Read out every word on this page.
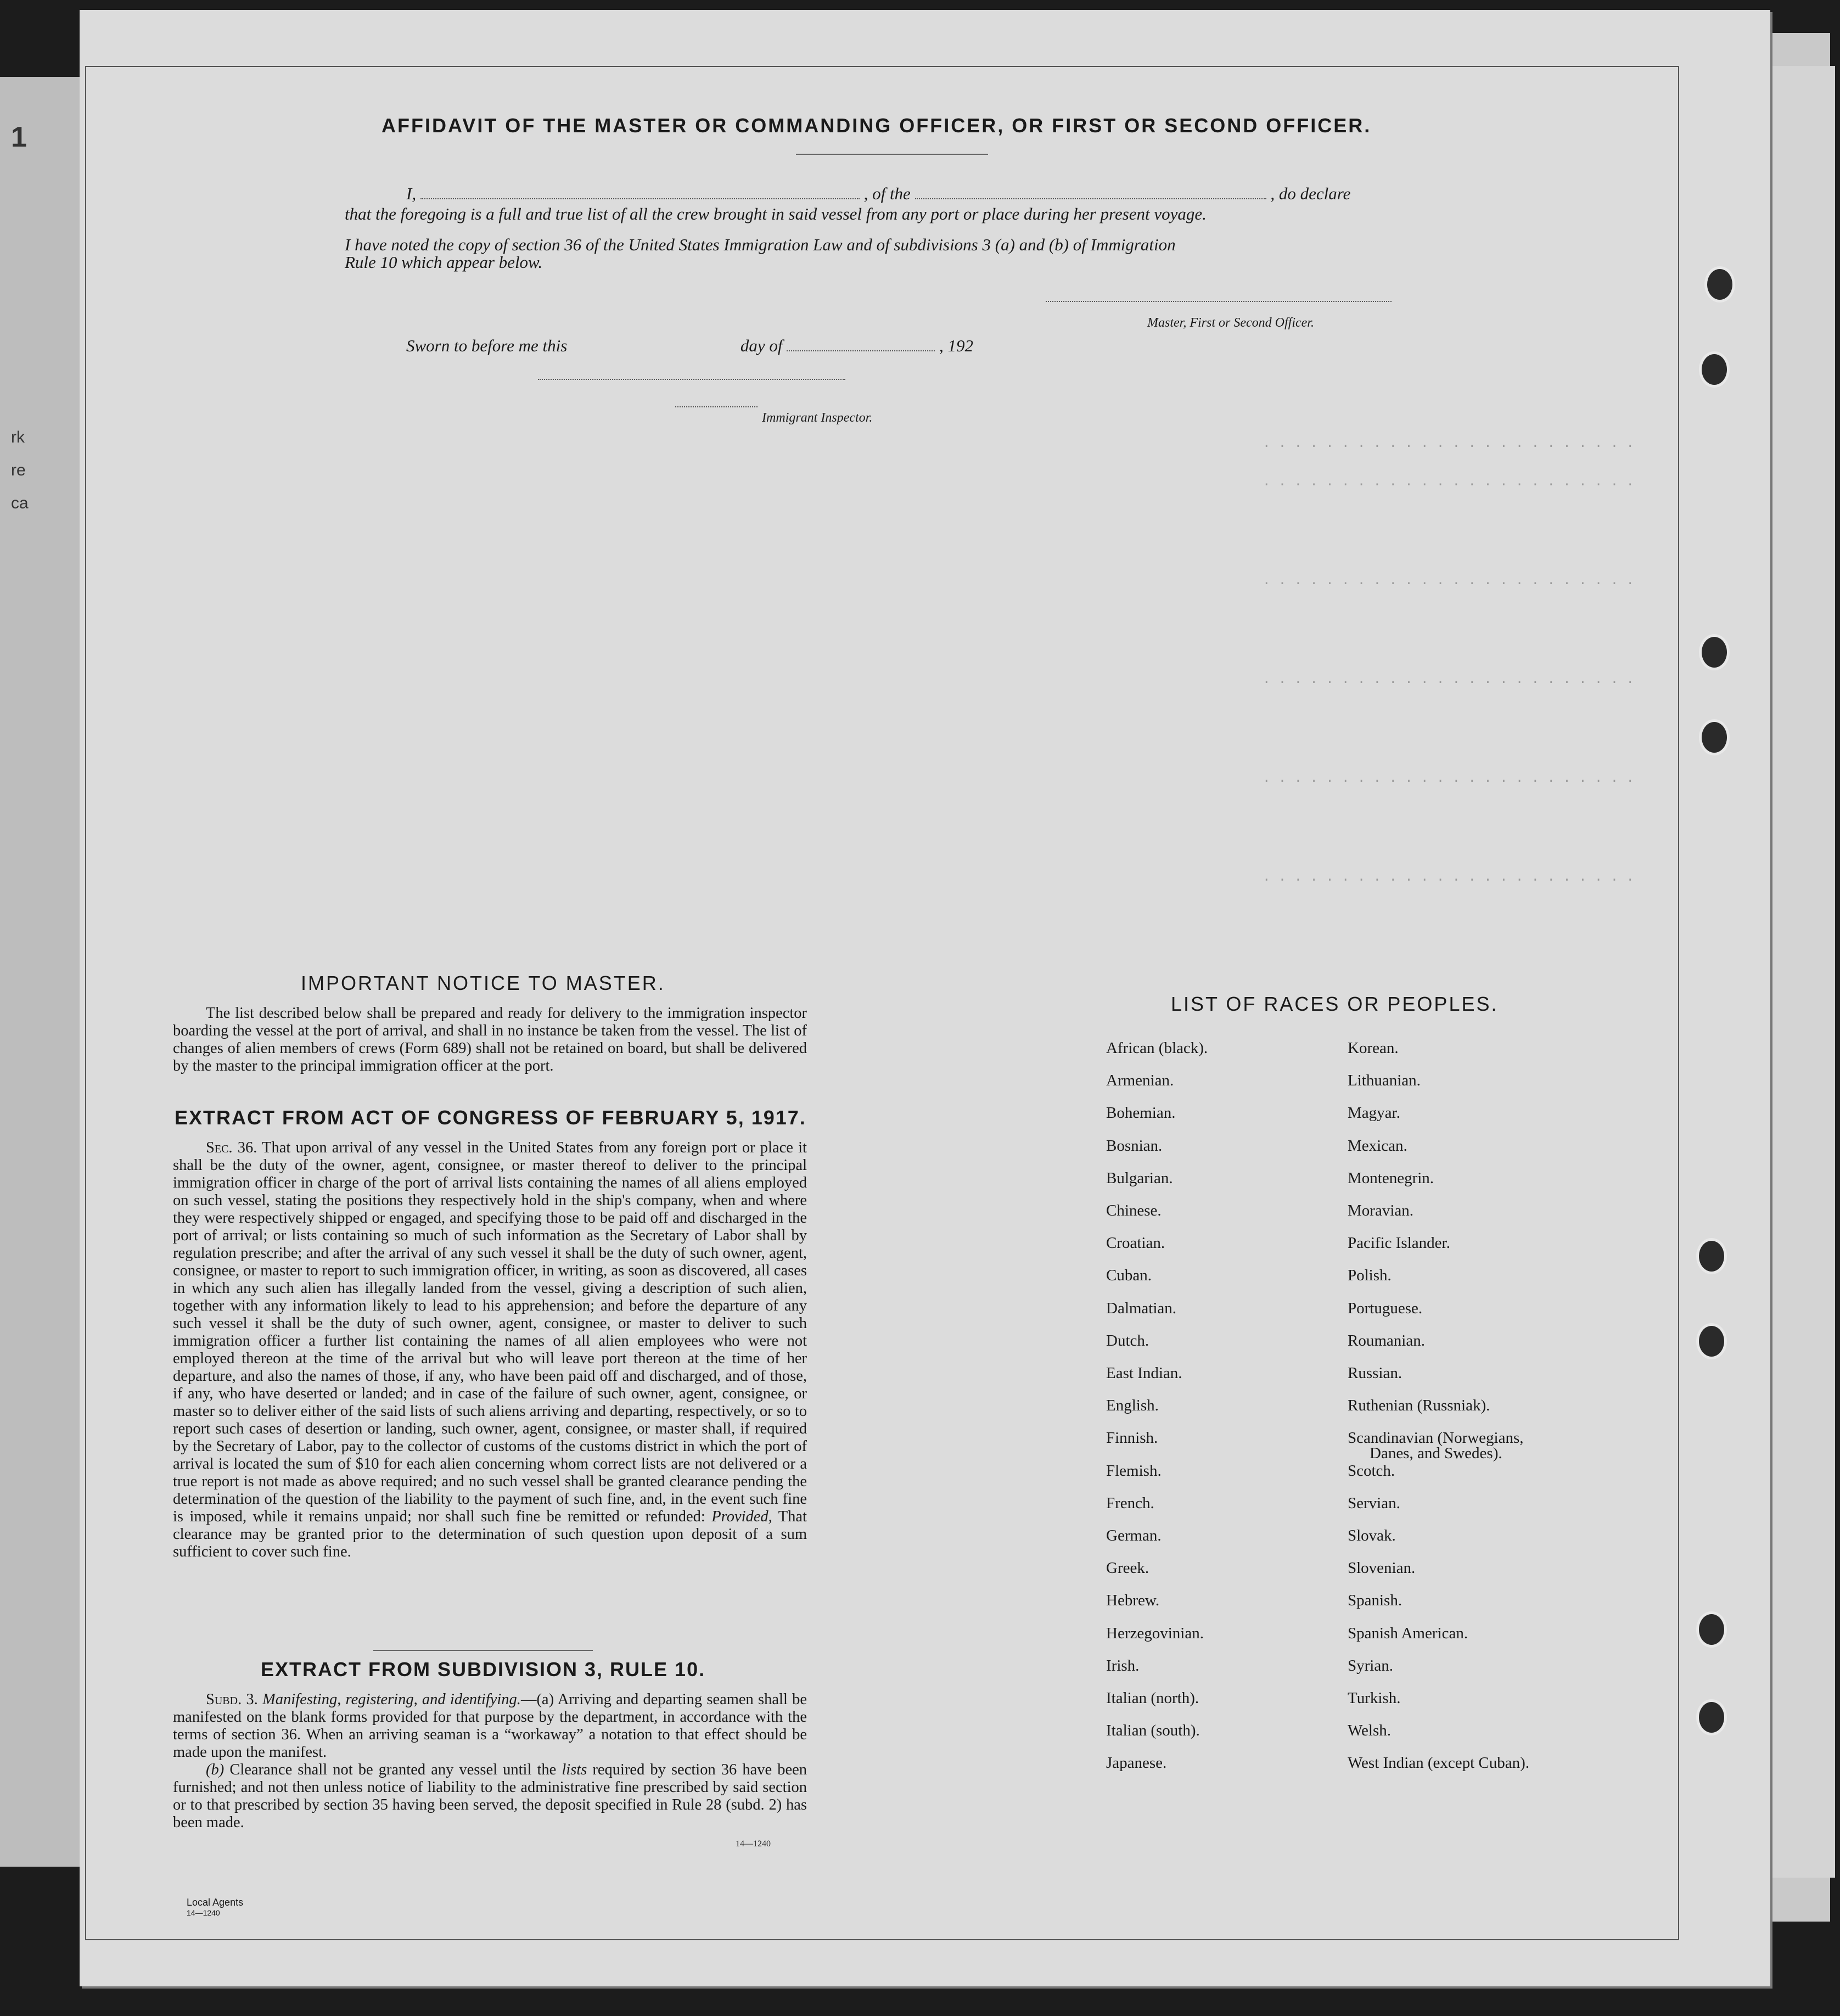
1
rk
re
ca
· · · · · · · · · · · · · · · · · · · · · · · ·
· · · · · · · · · · · · · · · · · · · · · · · ·
· · · · · · · · · · · · · · · · · · · · · · · ·
· · · · · · · · · · · · · · · · · · · · · · · ·
· · · · · · · · · · · · · · · · · · · · · · · ·
· · · · · · · · · · · · · · · · · · · · · · · ·
AFFIDAVIT OF THE MASTER OR COMMANDING OFFICER, OR FIRST OR SECOND OFFICER.
I,	, of the	, do declare
that the foregoing is a full and true list of all the crew brought in said vessel from any port or place during her present voyage.
I have noted the copy of section 36 of the United States Immigration Law and of subdivisions 3 (a) and (b) of Immigration
Rule 10 which appear below.
Master, First or Second Officer.
Sworn to before me this	day of	, 192
Immigrant Inspector.
IMPORTANT NOTICE TO MASTER.

The list described below shall be prepared and ready for delivery to the immigration inspector boarding the vessel at the port of arrival, and shall in no instance be taken from the vessel. The list of changes of alien members of crews (Form 689) shall not be retained on board, but shall be delivered by the master to the principal immigration officer at the port.

EXTRACT FROM ACT OF CONGRESS OF FEBRUARY 5, 1917.

Sec. 36. That upon arrival of any vessel in the United States from any foreign port or place it shall be the duty of the owner, agent, consignee, or master thereof to deliver to the principal immigration officer in charge of the port of arrival lists containing the names of all aliens employed on such vessel, stating the positions they respectively hold in the ship's company, when and where they were respectively shipped or engaged, and specifying those to be paid off and discharged in the port of arrival; or lists containing so much of such information as the Secretary of Labor shall by regulation prescribe; and after the arrival of any such vessel it shall be the duty of such owner, agent, consignee, or master to report to such immigration officer, in writing, as soon as discovered, all cases in which any such alien has illegally landed from the vessel, giving a description of such alien, together with any information likely to lead to his apprehension; and before the departure of any such vessel it shall be the duty of such owner, agent, consignee, or master to deliver to such immigration officer a further list containing the names of all alien employees who were not employed thereon at the time of the arrival but who will leave port thereon at the time of her departure, and also the names of those, if any, who have been paid off and discharged, and of those, if any, who have deserted or landed; and in case of the failure of such owner, agent, consignee, or master so to deliver either of the said lists of such aliens arriving and departing, respectively, or so to report such cases of desertion or landing, such owner, agent, consignee, or master shall, if required by the Secretary of Labor, pay to the collector of customs of the customs district in which the port of arrival is located the sum of $10 for each alien concerning whom correct lists are not delivered or a true report is not made as above required; and no such vessel shall be granted clearance pending the determination of the question of the liability to the payment of such fine, and, in the event such fine is imposed, while it remains unpaid; nor shall such fine be remitted or refunded: Provided, That clearance may be granted prior to the determination of such question upon deposit of a sum sufficient to cover such fine.

EXTRACT FROM SUBDIVISION 3, RULE 10.

Subd. 3. Manifesting, registering, and identifying.—(a) Arriving and departing seamen shall be manifested on the blank forms provided for that purpose by the department, in accordance with the terms of section 36. When an arriving seaman is a “workaway” a notation to that effect should be made upon the manifest.

(b) Clearance shall not be granted any vessel until the lists required by section 36 have been furnished; and not then unless notice of liability to the administrative fine prescribed by said section or to that prescribed by section 35 having been served, the deposit specified in Rule 28 (subd. 2) has been made.

14—1240
LIST OF RACES OR PEOPLES.
African (black).
Armenian.
Bohemian.
Bosnian.
Bulgarian.
Chinese.
Croatian.
Cuban.
Dalmatian.
Dutch.
East Indian.
English.
Finnish.
Flemish.
French.
German.
Greek.
Hebrew.
Herzegovinian.
Irish.
Italian (north).
Italian (south).
Japanese.
Korean.
Lithuanian.
Magyar.
Mexican.
Montenegrin.
Moravian.
Pacific Islander.
Polish.
Portuguese.
Roumanian.
Russian.
Ruthenian (Russniak).
Scandinavian (Norwegians,
Danes, and Swedes).
Scotch.
Servian.
Slovak.
Slovenian.
Spanish.
Spanish American.
Syrian.
Turkish.
Welsh.
West Indian (except Cuban).
Local Agents
14—1240
